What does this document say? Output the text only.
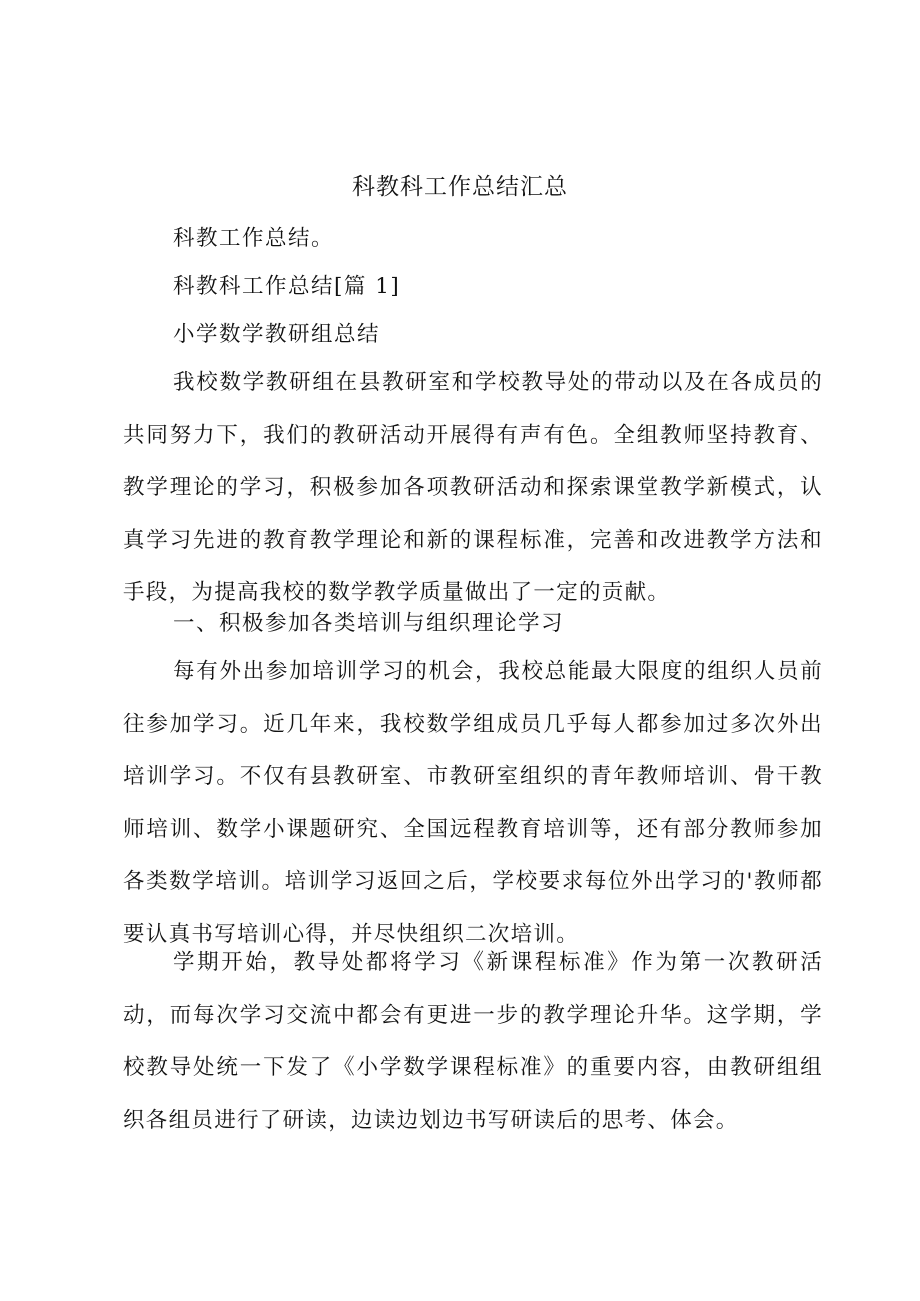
科教科工作总结汇总

科教工作总结。

科教科工作总结[篇 1]

小学数学教研组总结

我校数学教研组在县教研室和学校教导处的带动以及在各成员的共同努力下，我们的教研活动开展得有声有色。全组教师坚持教育、教学理论的学习，积极参加各项教研活动和探索课堂教学新模式，认真学习先进的教育教学理论和新的课程标准，完善和改进教学方法和手段，为提高我校的数学教学质量做出了一定的贡献。

一、积极参加各类培训与组织理论学习

每有外出参加培训学习的机会，我校总能最大限度的组织人员前往参加学习。近几年来，我校数学组成员几乎每人都参加过多次外出培训学习。不仅有县教研室、市教研室组织的青年教师培训、骨干教师培训、数学小课题研究、全国远程教育培训等，还有部分教师参加各类数学培训。培训学习返回之后，学校要求每位外出学习的'教师都要认真书写培训心得，并尽快组织二次培训。

学期开始，教导处都将学习《新课程标准》作为第一次教研活动，而每次学习交流中都会有更进一步的教学理论升华。这学期，学校教导处统一下发了《小学数学课程标准》的重要内容，由教研组组织各组员进行了研读，边读边划边书写研读后的思考、体会。
